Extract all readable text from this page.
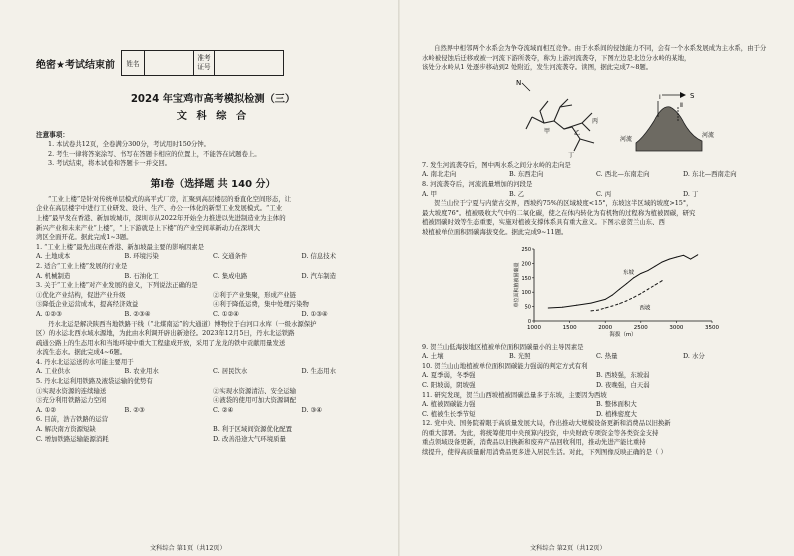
绝密★考试结束前	姓名
准考
证号
2024 年宝鸡市高考模拟检测（三）
文 科 综 合
注意事项：

1. 本试卷共12页，全卷满分300分，考试用时150分钟。

2. 考生一律将答案涂写、书写在答题卡相应的位置上，不能答在试题卷上。

3. 考试结束，将本试卷和答题卡一并交回。

第Ⅰ卷（选择题 共 140 分）

“工业上楼”是针对传统单层模式的高平式厂房，汇聚到高层楼层的垂直化空间形态，让

企业在高层楼宇中进行工业研发、设计、生产、办公一体化的新型工业发展模式。“工业

上楼”最早发在香港、新加坡城市，深圳市从2022年开始全力推进以先进制造业为主体的

新兴产业和未来产业“上楼”，“上下游就是上下楼”的产业空间革新动力在深圳大

湾区全面开花。据此完成1~3题。

1. “工业上楼”最先出现在香港、新加坡最主要的影响因素是

A. 土地成本	B. 环境污染	C. 交通条件	D. 信息技术

2. 适合“工业上楼”发展的行业是

A. 机械制造	B. 石油化工	C. 集成电路	D. 汽车制造

3. 关于“工业上楼”对产业发展的意义，下列说法正确的是

①优化产业结构，促进产业升级	②利于产业集聚，形成产业链
③降低企业运营成本，提高经济效益	④利于降低运费，集中处理污染物
A. ①②③	B. ②③④	C. ①②④	D. ①③④

丹水北运是解决陕西当地铁路干线（“北煤南运”的大通道）博物位于白河口水库（一级水源保护

区）的水运北西水域水源地，为此由水利调开辟出新途径。2023年12月5日，丹水北运铁路

疏通公路上的生态用水和当地环境中重大工程建成开放，采用了龙龙的铁中贡献用量发送

水流生态水。据此完成4~6题。

4. 丹水北运运送的水可能主要用于

A. 工业供水	B. 农业用水	C. 居民饮水	D. 生态用水

5. 丹水北运利用铁路及液袋运输的优势有

①实现水资源的连续输送	②实现水资源清洁、安全运输
③充分利用铁路运力空闲	④液袋的使用可加大资源调配
A. ①②	B. ②③	C. ②④	D. ③④

6. 目前，浩吉铁路的运营

A. 解决南方资源短缺	B. 利于区域间资源优化配置
C. 增加铁路运输能源消耗	D. 改善沿途大气环境质量
文科综合 第1页（共12页）

自然界中相邻两个水系会为争夺流域而相互竞争。由于水系间的侵蚀能力不同，会有一个水系发展成为主水系，由于分

水岭被侵蚀后迁移或被一河流下游所袭夺，称为上游河流袭夺，下图左边是北边分水岭的某地，

该处分水岭从1 处逐步移动到2 处附近，发生河流袭夺。读图，据此完成7~8题。

N
甲	乙
丙
丁
S
Ⅰ
Ⅱ
河流
河流

7. 发生河流袭夺后，图中两水系之间分水岭的走向是

A. 南北走向	B. 东西走向	C. 西北—东南走向	D. 东北—西南走向

8. 河流袭夺后，河流流量增加的河段是

A. 甲	B. 乙	C. 丙	D. 丁

贺兰山位于宁夏与内蒙古交界，西坡约75%的区域坡度<15°，东坡这半区域的坡度>15°，

最大坡度76°。植被吸收大气中的二氧化碳，使之在体内转化为有机物的过程称为植被固碳，研究

植被固碳时效等生态重要，实施对植被支撑体系具有重大意义。下图示意贺兰山东、西

坡植被单位面积固碳海拔变化。据此完成9~11题。

1000	1500	2000	2500	3000	3500
0
50
100
150
200
250
海拔（m）
单位面积植被固碳量	东坡
西坡

9. 贺兰山低海拔地区植被单位面积固碳量小的主导因素是

A. 土壤	B. 光照	C. 热量	D. 水分

10. 贺兰山山地植被单位面积固碳能力强弱的判定方式有利

A. 夏季弱，冬季强	B. 西坡强，东坡弱
C. 阳坡弱，阴坡强	D. 夜晚强，白天弱

11. 研究发现，贺兰山西坡植被固碳总量多于东坡，主要因为西坡

A. 植被固碳能力强	B. 整体面积大
C. 植被生长季节短	D. 植株密度大

12. 党中央、国务院着眼于高质量发展大局，作出推动大规模设备更新和消费品以旧换新

的重大部署。为此，将统筹使用中央预算内投资，中央财政专项资金等各类资金支持

重点领域设备更新，消费品以旧换新和废弃产品回收利用，推动先进产能比重持

续提升，使得高质量耐用消费品更多进入居民生活。对此，下列图像反映正确的是（ ）

文科综合 第2页（共12页）
